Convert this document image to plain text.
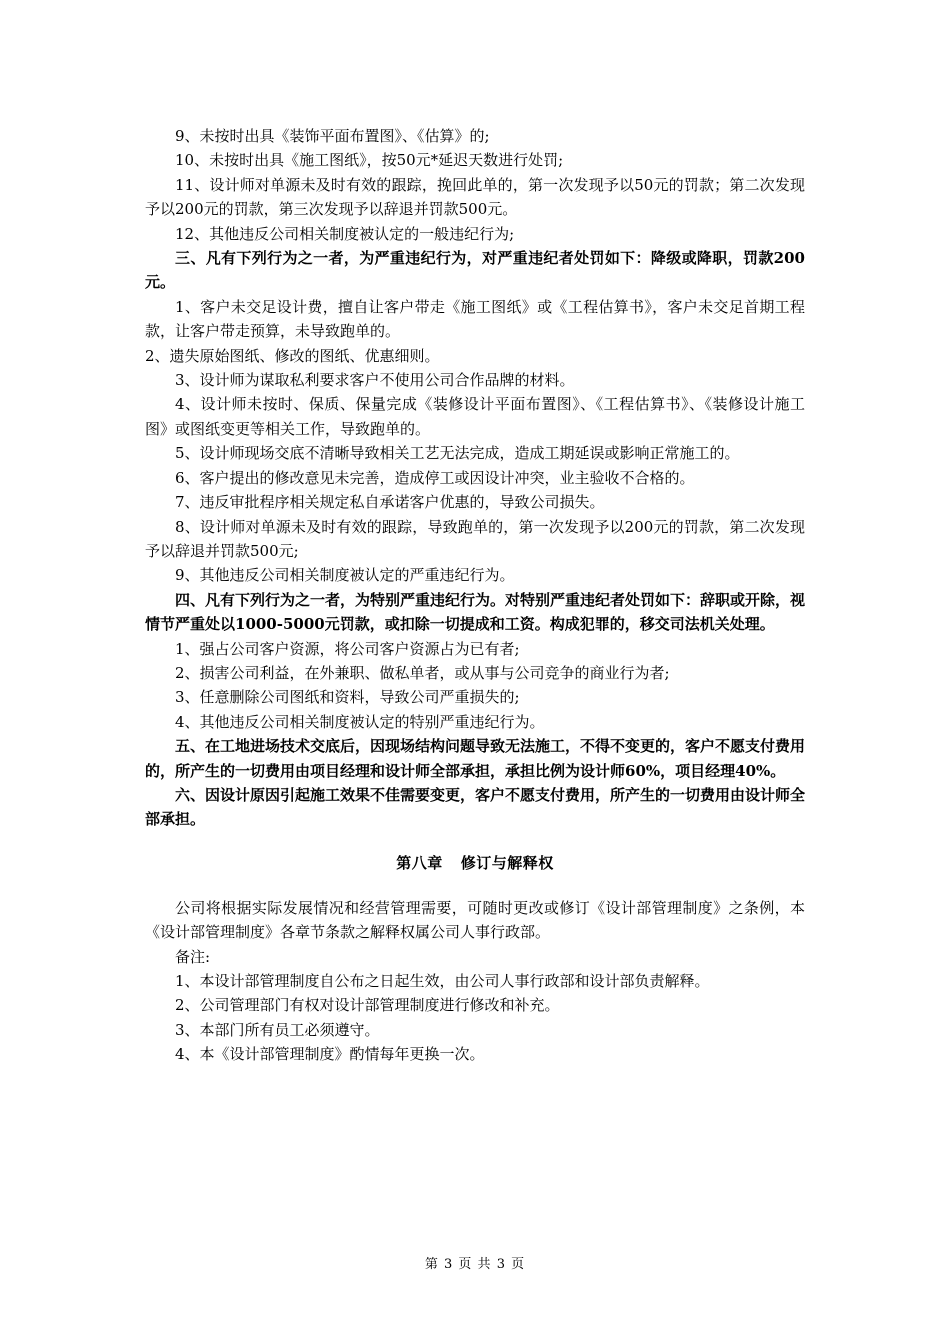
9、未按时出具《装饰平面布置图》、《估算》的;

10、未按时出具《施工图纸》，按50元*延迟天数进行处罚;

11、设计师对单源未及时有效的跟踪，挽回此单的，第一次发现予以50元的罚款；第二次发现予以200元的罚款，第三次发现予以辞退并罚款500元。

12、其他违反公司相关制度被认定的一般违纪行为;

三、凡有下列行为之一者，为严重违纪行为，对严重违纪者处罚如下：降级或降职，罚款200元。

1、客户未交足设计费，擅自让客户带走《施工图纸》或《工程估算书》，客户未交足首期工程款，让客户带走预算，未导致跑单的。

2、遗失原始图纸、修改的图纸、优惠细则。

3、设计师为谋取私利要求客户不使用公司合作品牌的材料。

4、设计师未按时、保质、保量完成《装修设计平面布置图》、《工程估算书》、《装修设计施工图》或图纸变更等相关工作，导致跑单的。

5、设计师现场交底不清晰导致相关工艺无法完成，造成工期延误或影响正常施工的。

6、客户提出的修改意见未完善，造成停工或因设计冲突，业主验收不合格的。

7、违反审批程序相关规定私自承诺客户优惠的，导致公司损失。

8、设计师对单源未及时有效的跟踪，导致跑单的，第一次发现予以200元的罚款，第二次发现予以辞退并罚款500元;

9、其他违反公司相关制度被认定的严重违纪行为。

四、凡有下列行为之一者，为特别严重违纪行为。对特别严重违纪者处罚如下：辞职或开除，视情节严重处以1000-5000元罚款，或扣除一切提成和工资。构成犯罪的，移交司法机关处理。

1、强占公司客户资源，将公司客户资源占为已有者;

2、损害公司利益，在外兼职、做私单者，或从事与公司竞争的商业行为者;

3、任意删除公司图纸和资料，导致公司严重损失的;

4、其他违反公司相关制度被认定的特别严重违纪行为。

五、在工地进场技术交底后，因现场结构问题导致无法施工，不得不变更的，客户不愿支付费用的，所产生的一切费用由项目经理和设计师全部承担，承担比例为设计师60%，项目经理40%。

六、因设计原因引起施工效果不佳需要变更，客户不愿支付费用，所产生的一切费用由设计师全部承担。

第八章 修订与解释权

公司将根据实际发展情况和经营管理需要，可随时更改或修订《设计部管理制度》之条例，本《设计部管理制度》各章节条款之解释权属公司人事行政部。

备注:

1、本设计部管理制度自公布之日起生效，由公司人事行政部和设计部负责解释。

2、公司管理部门有权对设计部管理制度进行修改和补充。

3、本部门所有员工必须遵守。

4、本《设计部管理制度》酌情每年更换一次。

第 3 页 共 3 页
